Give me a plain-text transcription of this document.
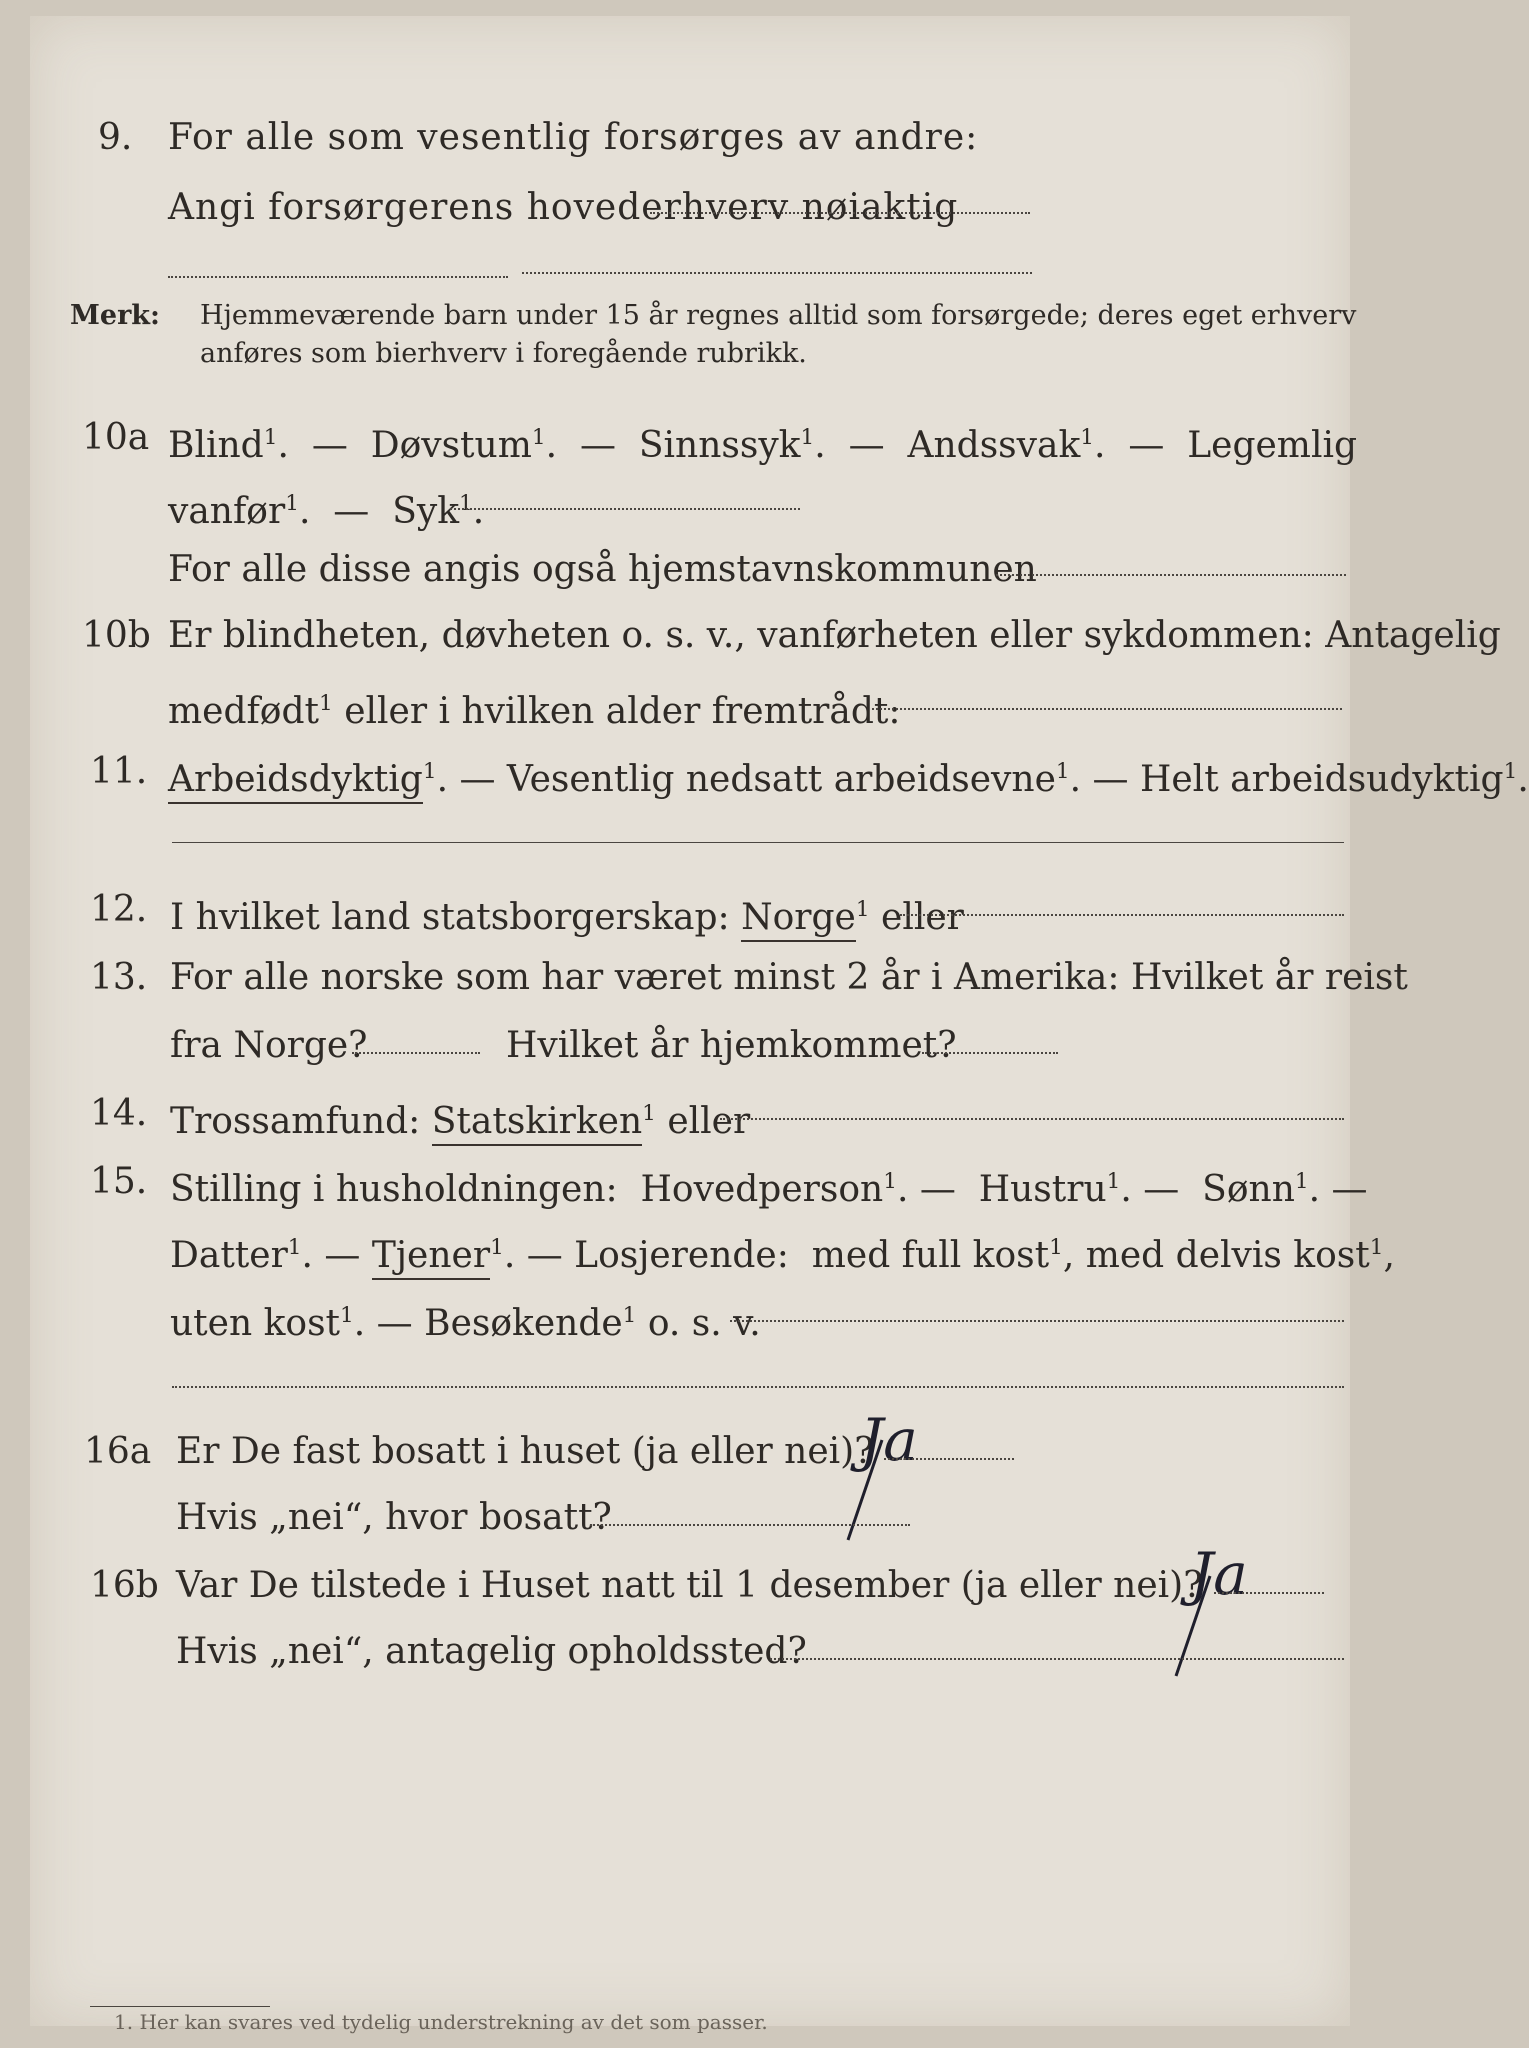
9. For alle som vesentlig forsørges av andre:
Angi forsørgerens hovederhverv nøiaktig
Merk: Hjemmeværende barn under 15 år regnes alltid som forsørgede; deres eget erhverv
anføres som bierhverv i foregående rubrikk.
10a Blind$^1$.  — Døvstum$^1$.  — Sinnssyk$^1$.  — Andssvak$^1$.  — Legemlig
vanfør$^1$.  — Syk$^1$.
For alle disse angis også hjemstavnskommunen
10b Er blindheten, døvheten o. s. v., vanførheten eller sykdommen: Antagelig
medfødt$^1$ eller i hvilken alder fremtrådt:
11. Arbeidsdyktig$^1$. — Vesentlig nedsatt arbeidsevne$^1$. — Helt arbeidsudyktig$^1$.
12. I hvilket land statsborgerskap: Norge$^1$ eller
13. For alle norske som har været minst 2 år i Amerika: Hvilket år reist
fra Norge?	Hvilket år hjemkommet?
14. Trossamfund: Statskirken$^1$ eller
15. Stilling i husholdningen: Hovedperson$^1$. — Hustru$^1$. — Sønn$^1$. —
Datter$^1$. — Tjener$^1$. — Losjerende: med full kost$^1$, med delvis kost$^1$,
uten kost$^1$. — Besøkende$^1$ o. s. v.
16a Er De fast bosatt i huset (ja eller nei)?
Ja
Hvis „nei“, hvor bosatt?
16b Var De tilstede i Huset natt til 1 desember (ja eller nei)?
Ja
Hvis „nei“, antagelig opholdssted?
1. Her kan svares ved tydelig understrekning av det som passer.
